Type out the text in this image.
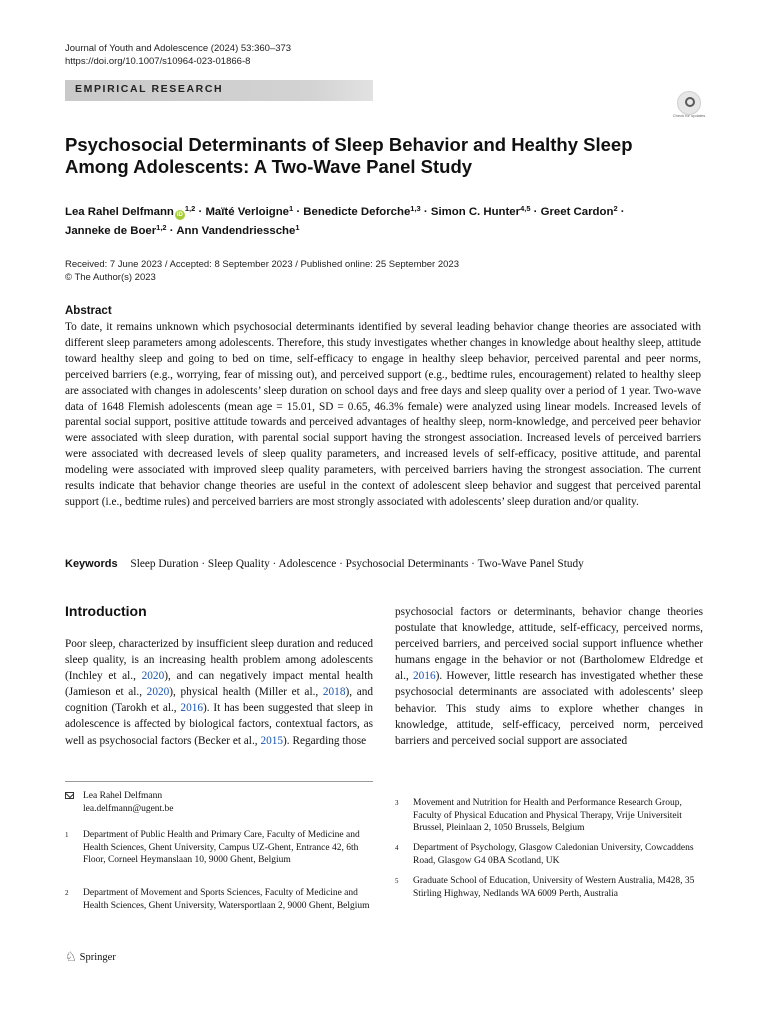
Journal of Youth and Adolescence (2024) 53:360–373
https://doi.org/10.1007/s10964-023-01866-8
EMPIRICAL RESEARCH
Check for updates
Psychosocial Determinants of Sleep Behavior and Healthy Sleep
Among Adolescents: A Two-Wave Panel Study
Lea Rahel Delfmann iD$^{1,2}$ · Maïté Verloigne$^1$ · Benedicte Deforche$^{1,3}$ · Simon C. Hunter$^{4,5}$ · Greet Cardon$^2$ ·
Janneke de Boer$^{1,2}$ · Ann Vandendriessche$^1$
Received: 7 June 2023 / Accepted: 8 September 2023 / Published online: 25 September 2023
© The Author(s) 2023
Abstract
To date, it remains unknown which psychosocial determinants identified by several leading behavior change theories are associated with different sleep parameters among adolescents. Therefore, this study investigates whether changes in knowledge about healthy sleep, attitude toward healthy sleep and going to bed on time, self-efficacy to engage in healthy sleep behavior, perceived parental and peer norms, perceived barriers (e.g., worrying, fear of missing out), and perceived support (e.g., bedtime rules, encouragement) related to healthy sleep are associated with changes in adolescents’ sleep duration on school days and free days and sleep quality over a period of 1 year. Two-wave data of 1648 Flemish adolescents (mean age = 15.01, SD = 0.65, 46.3% female) were analyzed using linear models. Increased levels of parental social support, positive attitude towards and perceived advantages of healthy sleep, norm-knowledge, and perceived peer behavior were associated with sleep duration, with parental social support having the strongest association. Increased levels of perceived barriers were associated with decreased levels of sleep quality parameters, and increased levels of self-efficacy, positive attitude, and parental modeling were associated with improved sleep quality parameters, with perceived barriers having the strongest association. The current results indicate that behavior change theories are useful in the context of adolescent sleep behavior and suggest that perceived parental support (i.e., bedtime rules) and perceived barriers are most strongly associated with adolescents’ sleep duration and/or quality.
Keywords Sleep Duration · Sleep Quality · Adolescence · Psychosocial Determinants · Two-Wave Panel Study
Introduction
Poor sleep, characterized by insufficient sleep duration and reduced sleep quality, is an increasing health problem among adolescents (Inchley et al., 2020), and can negatively impact mental health (Jamieson et al., 2020), physical health (Miller et al., 2018), and cognition (Tarokh et al., 2016). It has been suggested that sleep in adolescence is affected by biological factors, contextual factors, as well as psychosocial factors (Becker et al., 2015). Regarding those
psychosocial factors or determinants, behavior change theories postulate that knowledge, attitude, self-efficacy, perceived norms, perceived barriers, and perceived social support influence whether humans engage in the behavior or not (Bartholomew Eldredge et al., 2016). However, little research has investigated whether these psychosocial determinants are associated with adolescents’ sleep behavior. This study aims to explore whether changes in knowledge, attitude, self-efficacy, perceived norm, perceived barriers and perceived social support are associated
Lea Rahel Delfmann
lea.delfmann@ugent.be
1 Department of Public Health and Primary Care, Faculty of Medicine and Health Sciences, Ghent University, Campus UZ-Ghent, Entrance 42, 6th Floor, Corneel Heymanslaan 10, 9000 Ghent, Belgium
2 Department of Movement and Sports Sciences, Faculty of Medicine and Health Sciences, Ghent University, Watersportlaan 2, 9000 Ghent, Belgium
3 Movement and Nutrition for Health and Performance Research Group, Faculty of Physical Education and Physical Therapy, Vrije Universiteit Brussel, Pleinlaan 2, 1050 Brussels, Belgium
4 Department of Psychology, Glasgow Caledonian University, Cowcaddens Road, Glasgow G4 0BA Scotland, UK
5 Graduate School of Education, University of Western Australia, M428, 35 Stirling Highway, Nedlands WA 6009 Perth, Australia
♘ Springer
